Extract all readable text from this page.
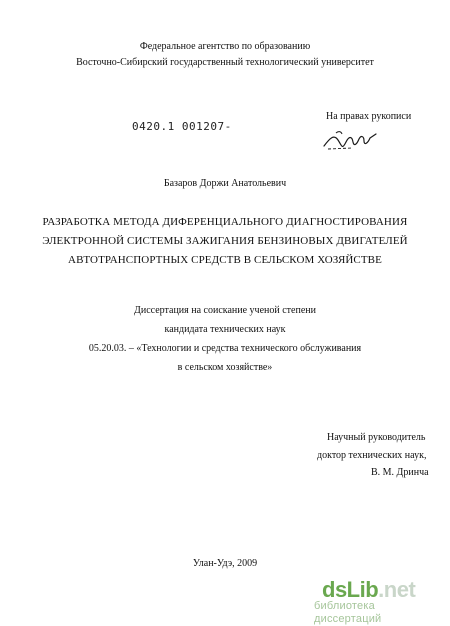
Федеральное агентство по образованию
Восточно-Сибирский государственный технологический университет
0420.1 001207-
На правах рукописи
Базаров Доржи Анатольевич
РАЗРАБОТКА МЕТОДА ДИФЕРЕНЦИАЛЬНОГО ДИАГНОСТИРОВАНИЯ
ЭЛЕКТРОННОЙ СИСТЕМЫ ЗАЖИГАНИЯ БЕНЗИНОВЫХ ДВИГАТЕЛЕЙ
АВТОТРАНСПОРТНЫХ СРЕДСТВ В СЕЛЬСКОМ ХОЗЯЙСТВЕ
Диссертация на соискание ученой степени
кандидата технических наук
05.20.03. – «Технологии и средства технического обслуживания
в сельском хозяйстве»
Научный руководитель
доктор технических наук,
В. М. Дринча
Улан-Удэ, 2009
dsLib.net
библиотека диссертаций
